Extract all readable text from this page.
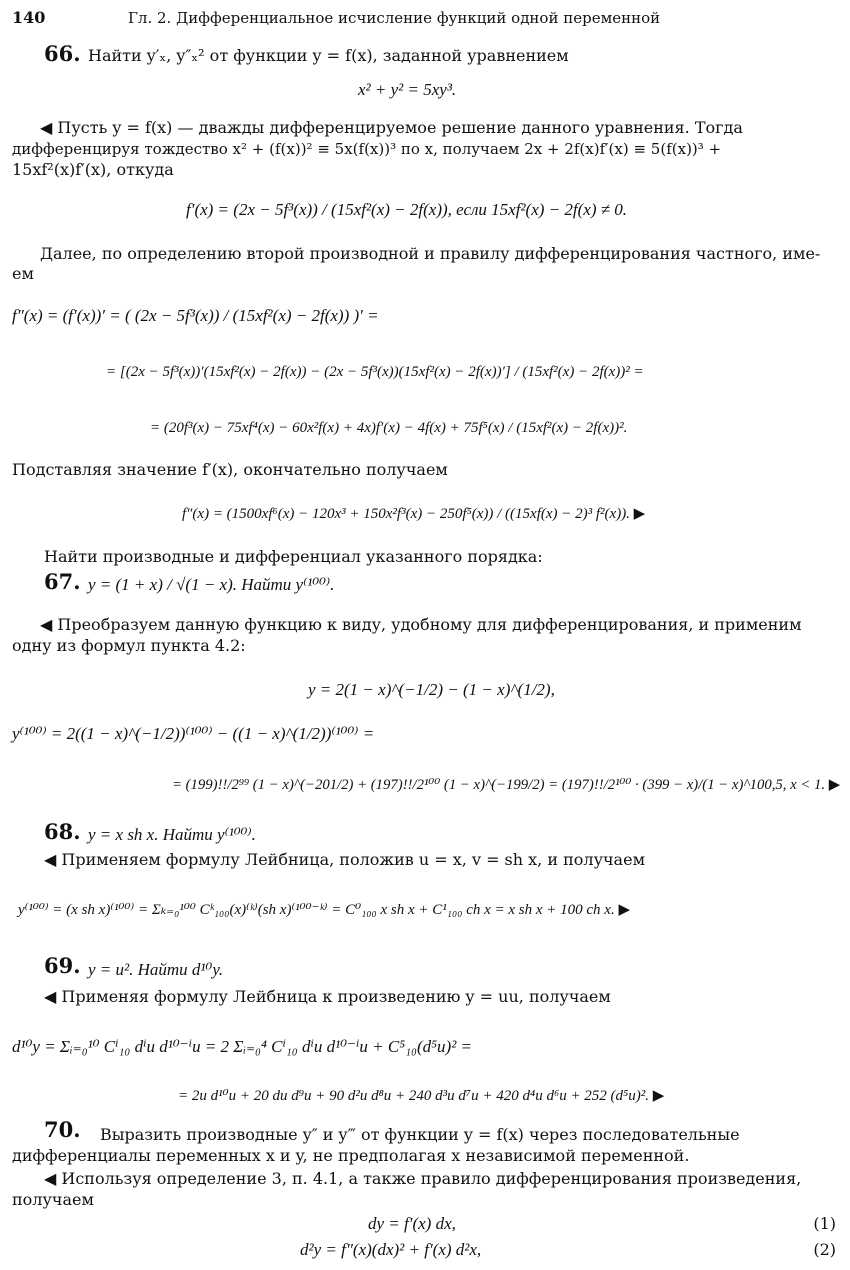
140	Гл. 2. Дифференциальное исчисление функций одной переменной
66. Найти y′ₓ, y″ₓ² от функции y = f(x), заданной уравнением
x² + y² = 5xy³.
◀ Пусть y = f(x) — дважды дифференцируемое решение данного уравнения. Тогда
дифференцируя тождество x² + (f(x))² ≡ 5x(f(x))³ по x, получаем 2x + 2f(x)f′(x) ≡ 5(f(x))³ +
15xf²(x)f′(x), откуда
f′(x) = (2x − 5f³(x)) / (15xf²(x) − 2f(x)), если 15xf²(x) − 2f(x) ≠ 0.
Далее, по определению второй производной и правилу дифференцирования частного, име-
ем
f″(x) = (f′(x))′ = ( (2x − 5f³(x)) / (15xf²(x) − 2f(x)) )′ =
= [(2x − 5f³(x))′(15xf²(x) − 2f(x)) − (2x − 5f³(x))(15xf²(x) − 2f(x))′] / (15xf²(x) − 2f(x))² =
= (20f³(x) − 75xf⁴(x) − 60x²f(x) + 4x)f′(x) − 4f(x) + 75f⁵(x) / (15xf²(x) − 2f(x))².
Подставляя значение f′(x), окончательно получаем
f″(x) = (1500xf⁶(x) − 120x³ + 150x²f³(x) − 250f⁵(x)) / ((15xf(x) − 2)³ f²(x)). ▶
Найти производные и дифференциал указанного порядка:
67. y = (1 + x) / √(1 − x). Найти y⁽¹⁰⁰⁾.
◀ Преобразуем данную функцию к виду, удобному для дифференцирования, и применим
одну из формул пункта 4.2:
y = 2(1 − x)^(−1/2) − (1 − x)^(1/2),
y⁽¹⁰⁰⁾ = 2((1 − x)^(−1/2))⁽¹⁰⁰⁾ − ((1 − x)^(1/2))⁽¹⁰⁰⁾ =
= (199)!!/2⁹⁹ (1 − x)^(−201/2) + (197)!!/2¹⁰⁰ (1 − x)^(−199/2) = (197)!!/2¹⁰⁰ · (399 − x)/(1 − x)^100,5, x < 1. ▶
68. y = x sh x. Найти y⁽¹⁰⁰⁾.
◀ Применяем формулу Лейбница, положив u = x, v = sh x, и получаем
y⁽¹⁰⁰⁾ = (x sh x)⁽¹⁰⁰⁾ = Σₖ₌₀¹⁰⁰ Cᵏ₁₀₀(x)⁽ᵏ⁾(sh x)⁽¹⁰⁰⁻ᵏ⁾ = C⁰₁₀₀ x sh x + C¹₁₀₀ ch x = x sh x + 100 ch x. ▶
69. y = u². Найти d¹⁰y.
◀ Применяя формулу Лейбница к произведению y = uu, получаем
d¹⁰y = Σᵢ₌₀¹⁰ Cⁱ₁₀ dⁱu d¹⁰⁻ⁱu = 2 Σᵢ₌₀⁴ Cⁱ₁₀ dⁱu d¹⁰⁻ⁱu + C⁵₁₀(d⁵u)² =
= 2u d¹⁰u + 20 du d⁹u + 90 d²u d⁸u + 240 d³u d⁷u + 420 d⁴u d⁶u + 252 (d⁵u)². ▶
70. Выразить производные y″ и y‴ от функции y = f(x) через последовательные
дифференциалы переменных x и y, не предполагая x независимой переменной.
◀ Используя определение 3, п. 4.1, а также правило дифференцирования произведения,
получаем
dy = f′(x) dx,	(1)
d²y = f″(x)(dx)² + f′(x) d²x,	(2)
